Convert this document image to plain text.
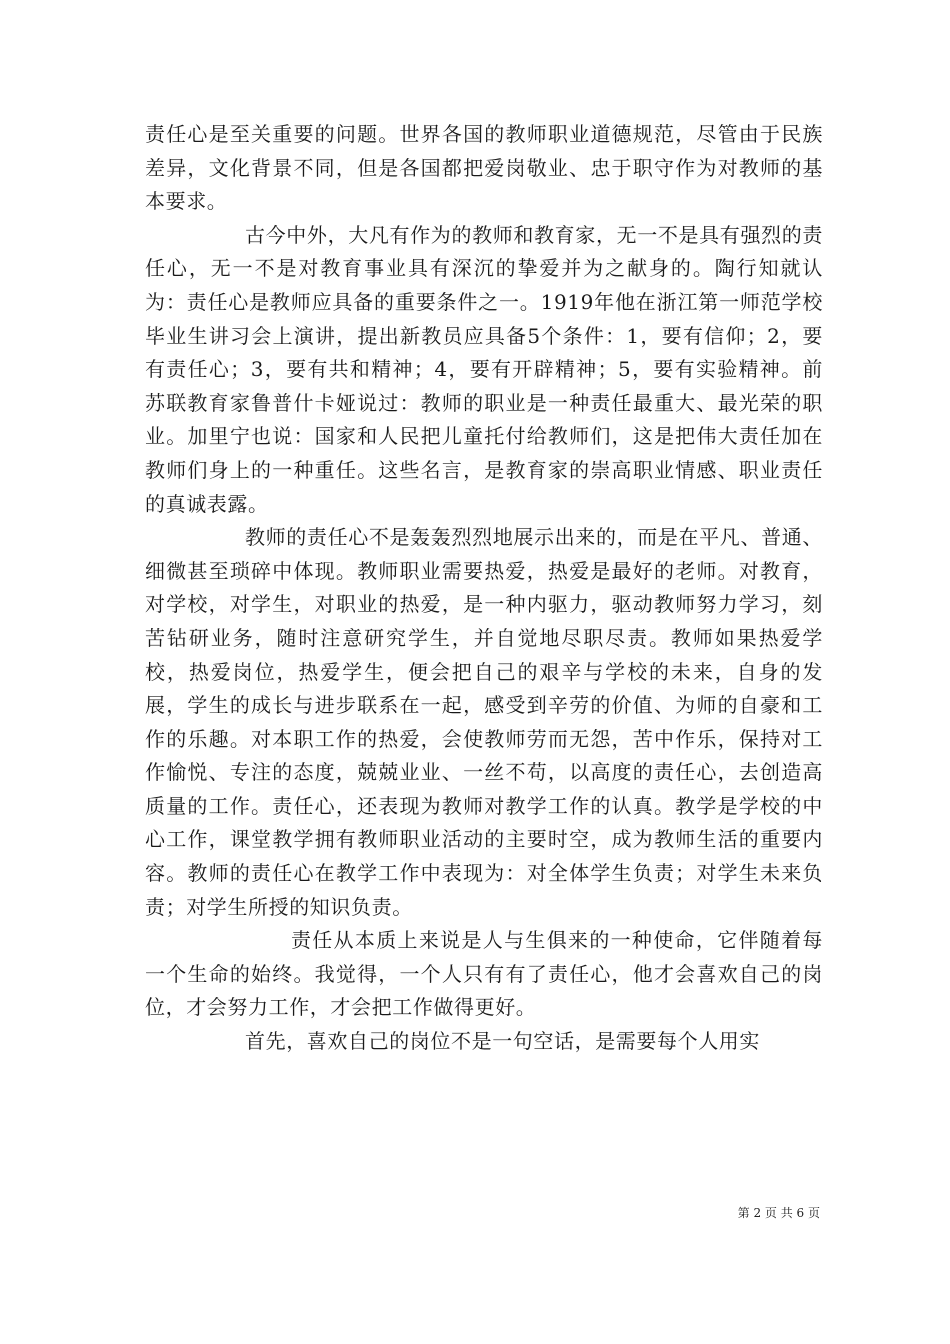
责任心是至关重要的问题。世界各国的教师职业道德规范，尽管由于民族差异，文化背景不同，但是各国都把爱岗敬业、忠于职守作为对教师的基本要求。

古今中外，大凡有作为的教师和教育家，无一不是具有强烈的责任心，无一不是对教育事业具有深沉的挚爱并为之献身的。陶行知就认为：责任心是教师应具备的重要条件之一。1919年他在浙江第一师范学校毕业生讲习会上演讲，提出新教员应具备5个条件：1，要有信仰；2，要有责任心；3，要有共和精神；4，要有开辟精神；5，要有实验精神。前苏联教育家鲁普什卡娅说过：教师的职业是一种责任最重大、最光荣的职业。加里宁也说：国家和人民把儿童托付给教师们，这是把伟大责任加在教师们身上的一种重任。这些名言，是教育家的崇高职业情感、职业责任的真诚表露。

教师的责任心不是轰轰烈烈地展示出来的，而是在平凡、普通、细微甚至琐碎中体现。教师职业需要热爱，热爱是最好的老师。对教育，对学校，对学生，对职业的热爱，是一种内驱力，驱动教师努力学习，刻苦钻研业务，随时注意研究学生，并自觉地尽职尽责。教师如果热爱学校，热爱岗位，热爱学生，便会把自己的艰辛与学校的未来，自身的发展，学生的成长与进步联系在一起，感受到辛劳的价值、为师的自豪和工作的乐趣。对本职工作的热爱，会使教师劳而无怨，苦中作乐，保持对工作愉悦、专注的态度，兢兢业业、一丝不苟，以高度的责任心，去创造高质量的工作。责任心，还表现为教师对教学工作的认真。教学是学校的中心工作，课堂教学拥有教师职业活动的主要时空，成为教师生活的重要内容。教师的责任心在教学工作中表现为：对全体学生负责；对学生未来负责；对学生所授的知识负责。

责任从本质上来说是人与生俱来的一种使命，它伴随着每一个生命的始终。我觉得，一个人只有有了责任心，他才会喜欢自己的岗位，才会努力工作，才会把工作做得更好。

首先，喜欢自己的岗位不是一句空话，是需要每个人用实

第 2 页 共 6 页
